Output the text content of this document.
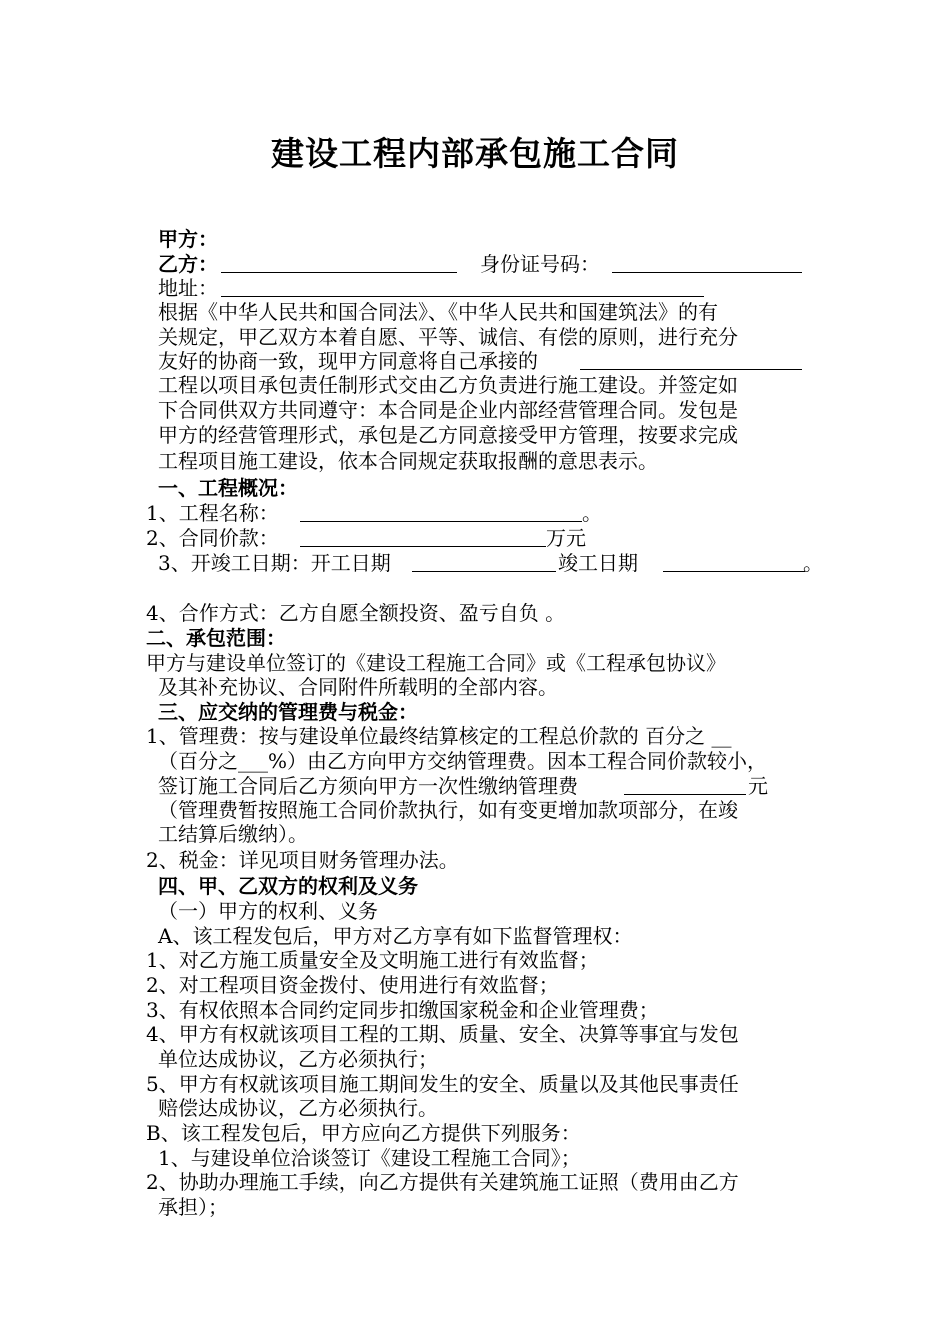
建设工程内部承包施工合同
甲方：
乙方：	身份证号码：
地址：
根据《中华人民共和国合同法》、《中华人民共和国建筑法》的有
关规定，甲乙双方本着自愿、平等、诚信、有偿的原则，进行充分
友好的协商一致，现甲方同意将自己承接的
工程以项目承包责任制形式交由乙方负责进行施工建设。并签定如
下合同供双方共同遵守：本合同是企业内部经营管理合同。发包是
甲方的经营管理形式，承包是乙方同意接受甲方管理，按要求完成
工程项目施工建设，依本合同规定获取报酬的意思表示。
一、工程概况：
1、工程名称：	。
2、合同价款：	万元
3、开竣工日期：开工日期	竣工日期	。
4、合作方式：乙方自愿全额投资、盈亏自负 。
二、承包范围：
甲方与建设单位签订的《建设工程施工合同》或《工程承包协议》
及其补充协议、合同附件所载明的全部内容。
三、应交纳的管理费与税金：
1、管理费：按与建设单位最终结算核定的工程总价款的 百分之 __
（百分之___%）由乙方向甲方交纳管理费。因本工程合同价款较小，
签订施工合同后乙方须向甲方一次性缴纳管理费	元
（管理费暂按照施工合同价款执行，如有变更增加款项部分，在竣
工结算后缴纳）。
2、税金：详见项目财务管理办法。
四、甲、乙双方的权利及义务
（一）甲方的权利、义务
A、该工程发包后，甲方对乙方享有如下监督管理权：
1、对乙方施工质量安全及文明施工进行有效监督；
2、对工程项目资金拨付、使用进行有效监督；
3、有权依照本合同约定同步扣缴国家税金和企业管理费；
4、甲方有权就该项目工程的工期、质量、安全、决算等事宜与发包
单位达成协议，乙方必须执行；
5、甲方有权就该项目施工期间发生的安全、质量以及其他民事责任
赔偿达成协议，乙方必须执行。
B、该工程发包后，甲方应向乙方提供下列服务：
1、与建设单位洽谈签订《建设工程施工合同》；
2、协助办理施工手续，向乙方提供有关建筑施工证照（费用由乙方
承担）；
